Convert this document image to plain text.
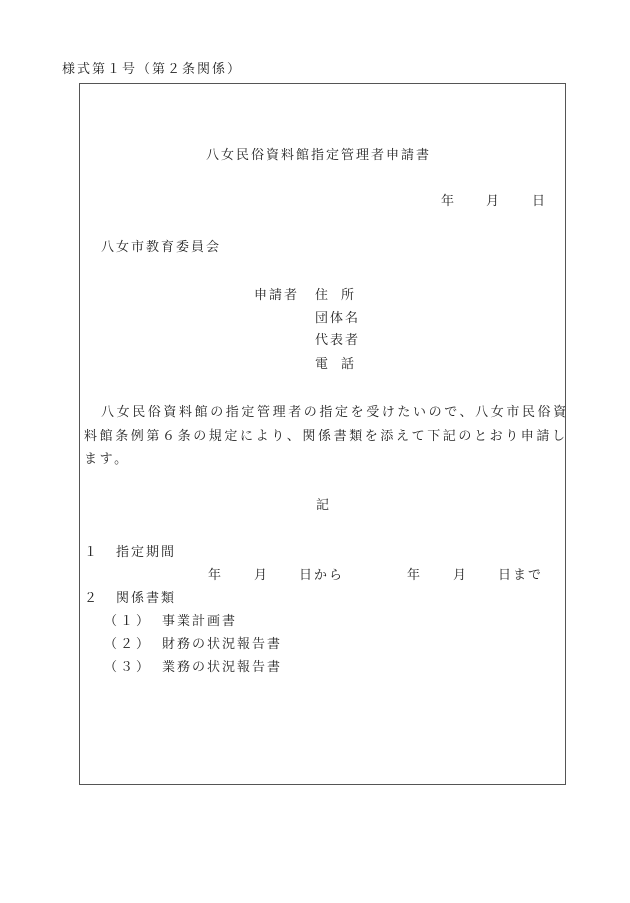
様式第１号（第２条関係）
八女民俗資料館指定管理者申請書
年 月	日
八女市教育委員会
申請者 住　所
団体名
代表者
電　話
八女民俗資料館の指定管理者の指定を受けたいので、八女市民俗資
料館条例第６条の規定により、関係書類を添えて下記のとおり申請し
ます。
記
１ 指定期間
年	月 日から	年	月 日まで
２ 関係書類
（１） 事業計画書
（２） 財務の状況報告書
（３） 業務の状況報告書
